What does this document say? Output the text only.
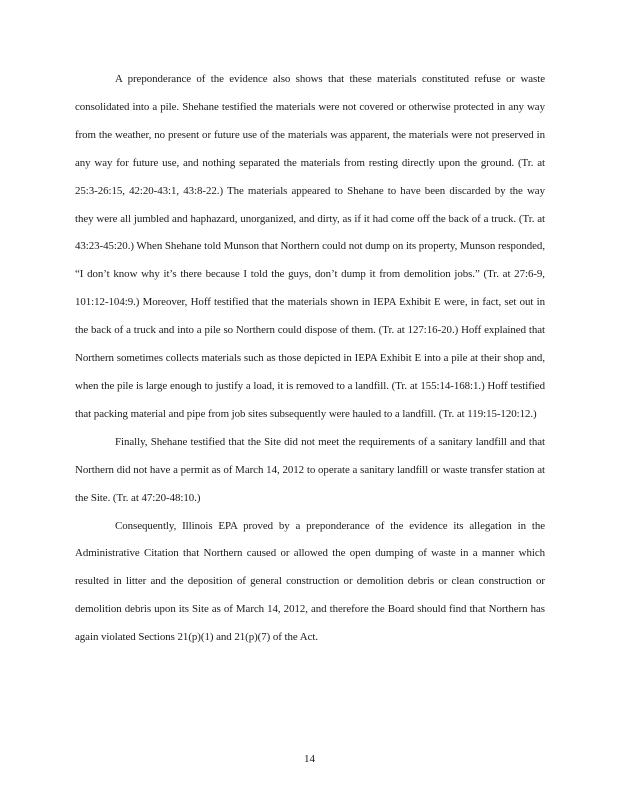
A preponderance of the evidence also shows that these materials constituted refuse or waste consolidated into a pile. Shehane testified the materials were not covered or otherwise protected in any way from the weather, no present or future use of the materials was apparent, the materials were not preserved in any way for future use, and nothing separated the materials from resting directly upon the ground. (Tr. at 25:3-26:15, 42:20-43:1, 43:8-22.) The materials appeared to Shehane to have been discarded by the way they were all jumbled and haphazard, unorganized, and dirty, as if it had come off the back of a truck. (Tr. at 43:23-45:20.) When Shehane told Munson that Northern could not dump on its property, Munson responded, “I don’t know why it’s there because I told the guys, don’t dump it from demolition jobs.” (Tr. at 27:6-9, 101:12-104:9.) Moreover, Hoff testified that the materials shown in IEPA Exhibit E were, in fact, set out in the back of a truck and into a pile so Northern could dispose of them. (Tr. at 127:16-20.) Hoff explained that Northern sometimes collects materials such as those depicted in IEPA Exhibit E into a pile at their shop and, when the pile is large enough to justify a load, it is removed to a landfill. (Tr. at 155:14-168:1.) Hoff testified that packing material and pipe from job sites subsequently were hauled to a landfill. (Tr. at 119:15-120:12.)

Finally, Shehane testified that the Site did not meet the requirements of a sanitary landfill and that Northern did not have a permit as of March 14, 2012 to operate a sanitary landfill or waste transfer station at the Site. (Tr. at 47:20-48:10.)

Consequently, Illinois EPA proved by a preponderance of the evidence its allegation in the Administrative Citation that Northern caused or allowed the open dumping of waste in a manner which resulted in litter and the deposition of general construction or demolition debris or clean construction or demolition debris upon its Site as of March 14, 2012, and therefore the Board should find that Northern has again violated Sections 21(p)(1) and 21(p)(7) of the Act.

14
